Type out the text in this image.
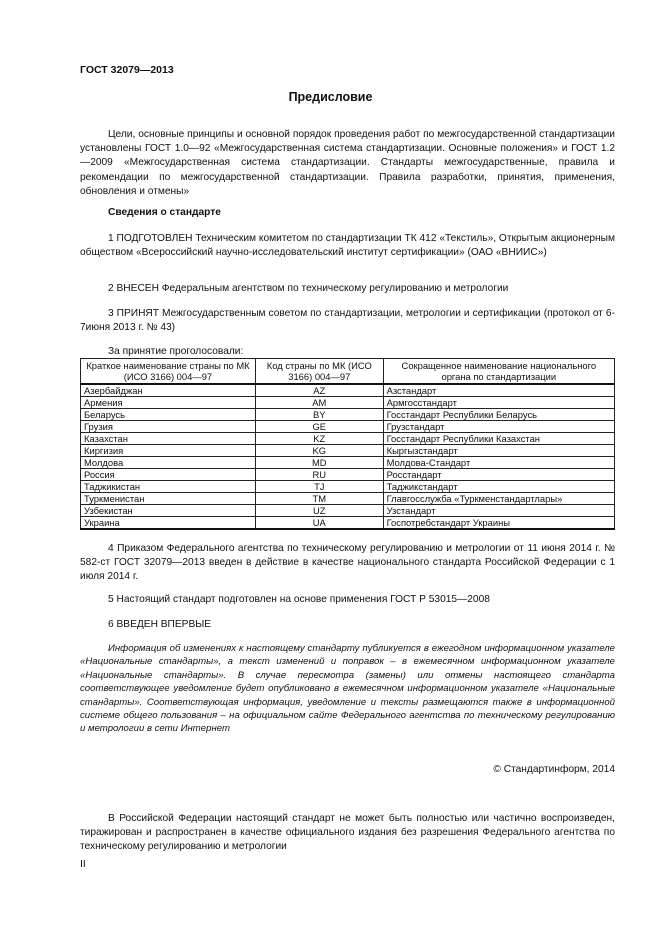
ГОСТ 32079—2013
Предисловие
Цели, основные принципы и основной порядок проведения работ по межгосударственной стандартизации установлены ГОСТ 1.0—92 «Межгосударственная система стандартизации. Основные положения» и ГОСТ 1.2—2009 «Межгосударственная система стандартизации. Стандарты межгосударственные, правила и рекомендации по межгосударственной стандартизации. Правила разработки, принятия, применения, обновления и отмены»
Сведения о стандарте
1 ПОДГОТОВЛЕН Техническим комитетом по стандартизации ТК 412 «Текстиль», Открытым акционерным обществом «Всероссийский научно-исследовательский институт сертификации» (ОАО «ВНИИС»)
2 ВНЕСЕН Федеральным агентством по техническому регулированию и метрологии
3 ПРИНЯТ Межгосударственным советом по стандартизации, метрологии и сертификации (протокол от 6-7июня 2013 г. № 43)
За принятие проголосовали:
Краткое наименование страны по МК (ИСО 3166) 004—97	Код страны по МК (ИСО 3166) 004—97	Сокращенное наименование национального органа по стандартизации
Азербайджан	AZ	Азстандарт
Армения	AM	Армгосстандарт
Беларусь	BY	Госстандарт Республики Беларусь
Грузия	GE	Грузстандарт
Казахстан	KZ	Госстандарт Республики Казахстан
Киргизия	KG	Кыргызстандарт
Молдова	MD	Молдова-Стандарт
Россия	RU	Росстандарт
Таджикистан	TJ	Таджикстандарт
Туркменистан	TM	Главгосслужба «Туркменстандартлары»
Узбекистан	UZ	Узстандарт
Украина	UA	Госпотребстандарт Украины
4 Приказом Федерального агентства по техническому регулированию и метрологии от 11 июня 2014 г. № 582-ст ГОСТ 32079—2013 введен в действие в качестве национального стандарта Российской Федерации с 1 июля 2014 г.
5 Настоящий стандарт подготовлен на основе применения ГОСТ Р 53015—2008
6 ВВЕДЕН ВПЕРВЫЕ
Информация об изменениях к настоящему стандарту публикуется в ежегодном информационном указателе «Национальные стандарты», а текст изменений и поправок – в ежемесячном информационном указателе «Национальные стандарты». В случае пересмотра (замены) или отмены настоящего стандарта соответствующее уведомление будет опубликовано в ежемесячном информационном указателе «Национальные стандарты». Соответствующая информация, уведомление и тексты размещаются также в информационной системе общего пользования – на официальном сайте Федерального агентства по техническому регулированию и метрологии в сети Интернет
© Стандартинформ, 2014
В Российской Федерации настоящий стандарт не может быть полностью или частично воспроизведен, тиражирован и распространен в качестве официального издания без разрешения Федерального агентства по техническому регулированию и метрологии
II
